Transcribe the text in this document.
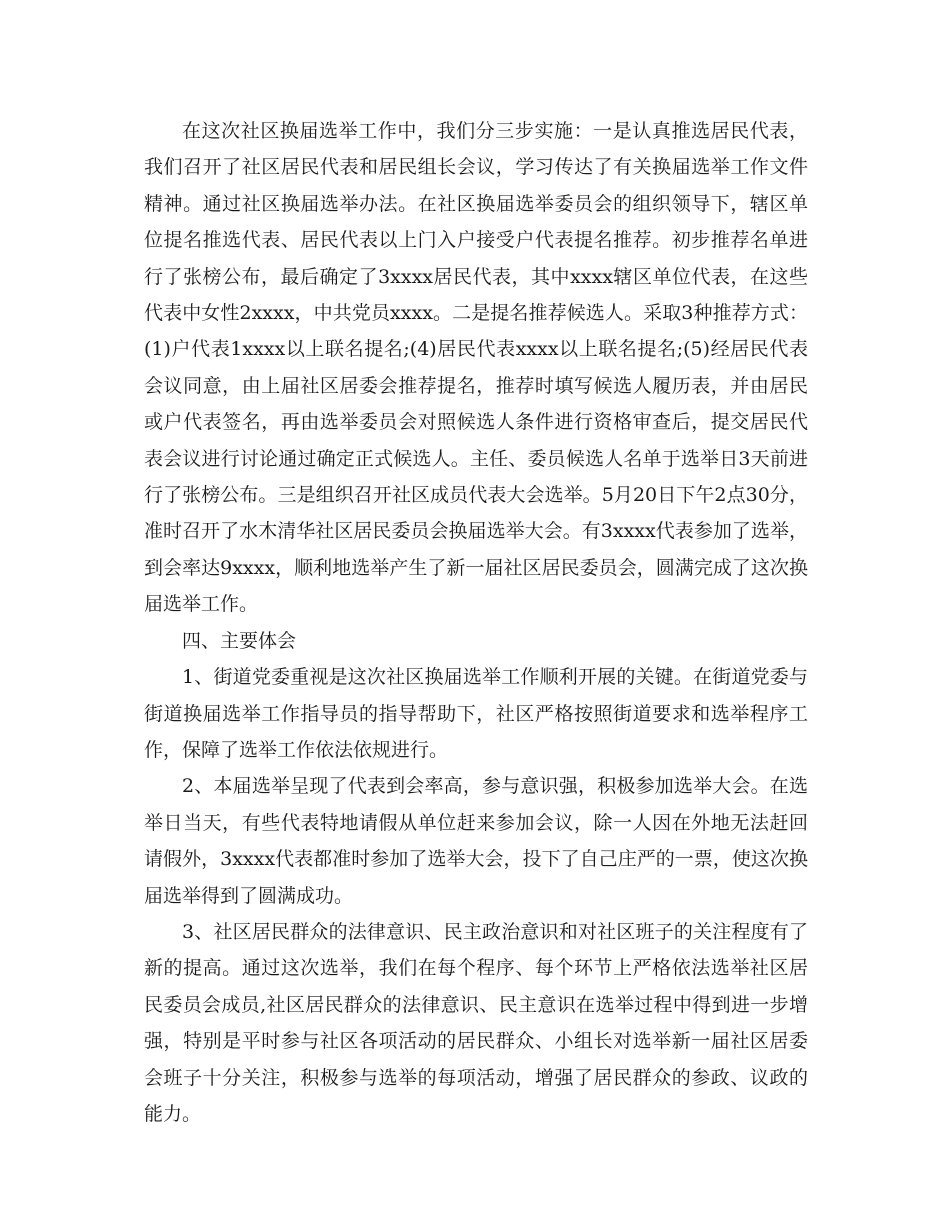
在这次社区换届选举工作中，我们分三步实施：一是认真推选居民代表，我们召开了社区居民代表和居民组长会议，学习传达了有关换届选举工作文件精神。通过社区换届选举办法。在社区换届选举委员会的组织领导下，辖区单位提名推选代表、居民代表以上门入户接受户代表提名推荐。初步推荐名单进行了张榜公布，最后确定了3xxxx居民代表，其中xxxx辖区单位代表，在这些代表中女性2xxxx，中共党员xxxx。二是提名推荐候选人。采取3种推荐方式：(1)户代表1xxxx以上联名提名;(4)居民代表xxxx以上联名提名;(5)经居民代表会议同意，由上届社区居委会推荐提名，推荐时填写候选人履历表，并由居民或户代表签名，再由选举委员会对照候选人条件进行资格审查后，提交居民代表会议进行讨论通过确定正式候选人。主任、委员候选人名单于选举日3天前进行了张榜公布。三是组织召开社区成员代表大会选举。5月20日下午2点30分，准时召开了水木清华社区居民委员会换届选举大会。有3xxxx代表参加了选举，到会率达9xxxx，顺利地选举产生了新一届社区居民委员会，圆满完成了这次换届选举工作。

四、主要体会

1、街道党委重视是这次社区换届选举工作顺利开展的关键。在街道党委与街道换届选举工作指导员的指导帮助下，社区严格按照街道要求和选举程序工作，保障了选举工作依法依规进行。

2、本届选举呈现了代表到会率高，参与意识强，积极参加选举大会。在选举日当天，有些代表特地请假从单位赶来参加会议，除一人因在外地无法赶回请假外，3xxxx代表都准时参加了选举大会，投下了自己庄严的一票，使这次换届选举得到了圆满成功。

3、社区居民群众的法律意识、民主政治意识和对社区班子的关注程度有了新的提高。通过这次选举，我们在每个程序、每个环节上严格依法选举社区居民委员会成员,社区居民群众的法律意识、民主意识在选举过程中得到进一步增强，特别是平时参与社区各项活动的居民群众、小组长对选举新一届社区居委会班子十分关注，积极参与选举的每项活动，增强了居民群众的参政、议政的能力。
